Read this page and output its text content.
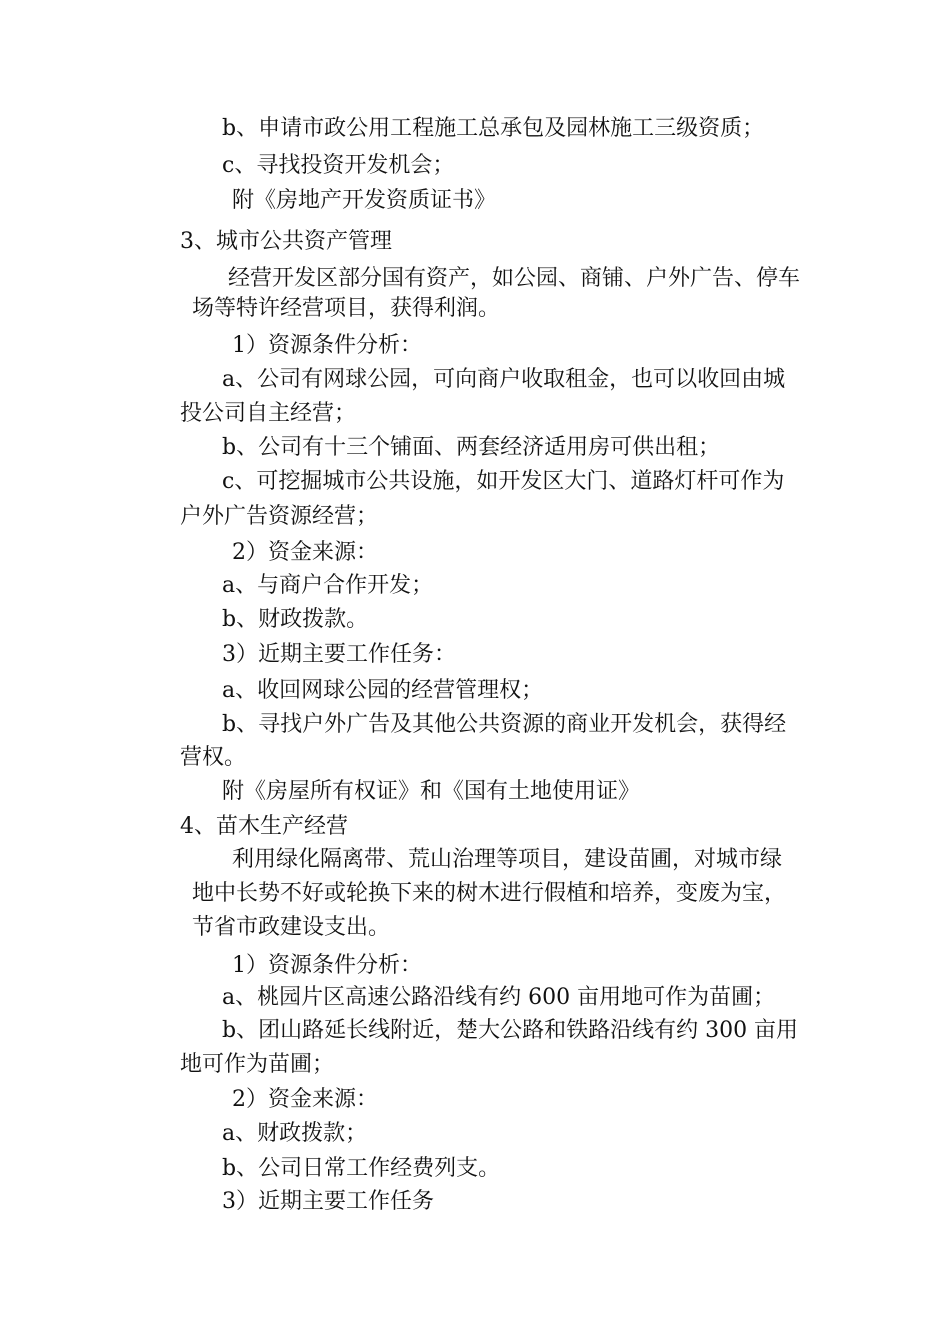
b、申请市政公用工程施工总承包及园林施工三级资质；
c、寻找投资开发机会；
附《房地产开发资质证书》
3、城市公共资产管理
经营开发区部分国有资产，如公园、商铺、户外广告、停车
场等特许经营项目，获得利润。
1）资源条件分析：
a、公司有网球公园，可向商户收取租金，也可以收回由城
投公司自主经营；
b、公司有十三个铺面、两套经济适用房可供出租；
c、可挖掘城市公共设施，如开发区大门、道路灯杆可作为
户外广告资源经营；
2）资金来源：
a、与商户合作开发；
b、财政拨款。
3）近期主要工作任务：
a、收回网球公园的经营管理权；
b、寻找户外广告及其他公共资源的商业开发机会，获得经
营权。
附《房屋所有权证》和《国有土地使用证》
4、苗木生产经营
利用绿化隔离带、荒山治理等项目，建设苗圃，对城市绿
地中长势不好或轮换下来的树木进行假植和培养，变废为宝，
节省市政建设支出。
1）资源条件分析：
a、桃园片区高速公路沿线有约 600 亩用地可作为苗圃；
b、团山路延长线附近，楚大公路和铁路沿线有约 300 亩用
地可作为苗圃；
2）资金来源：
a、财政拨款；
b、公司日常工作经费列支。
3）近期主要工作任务
